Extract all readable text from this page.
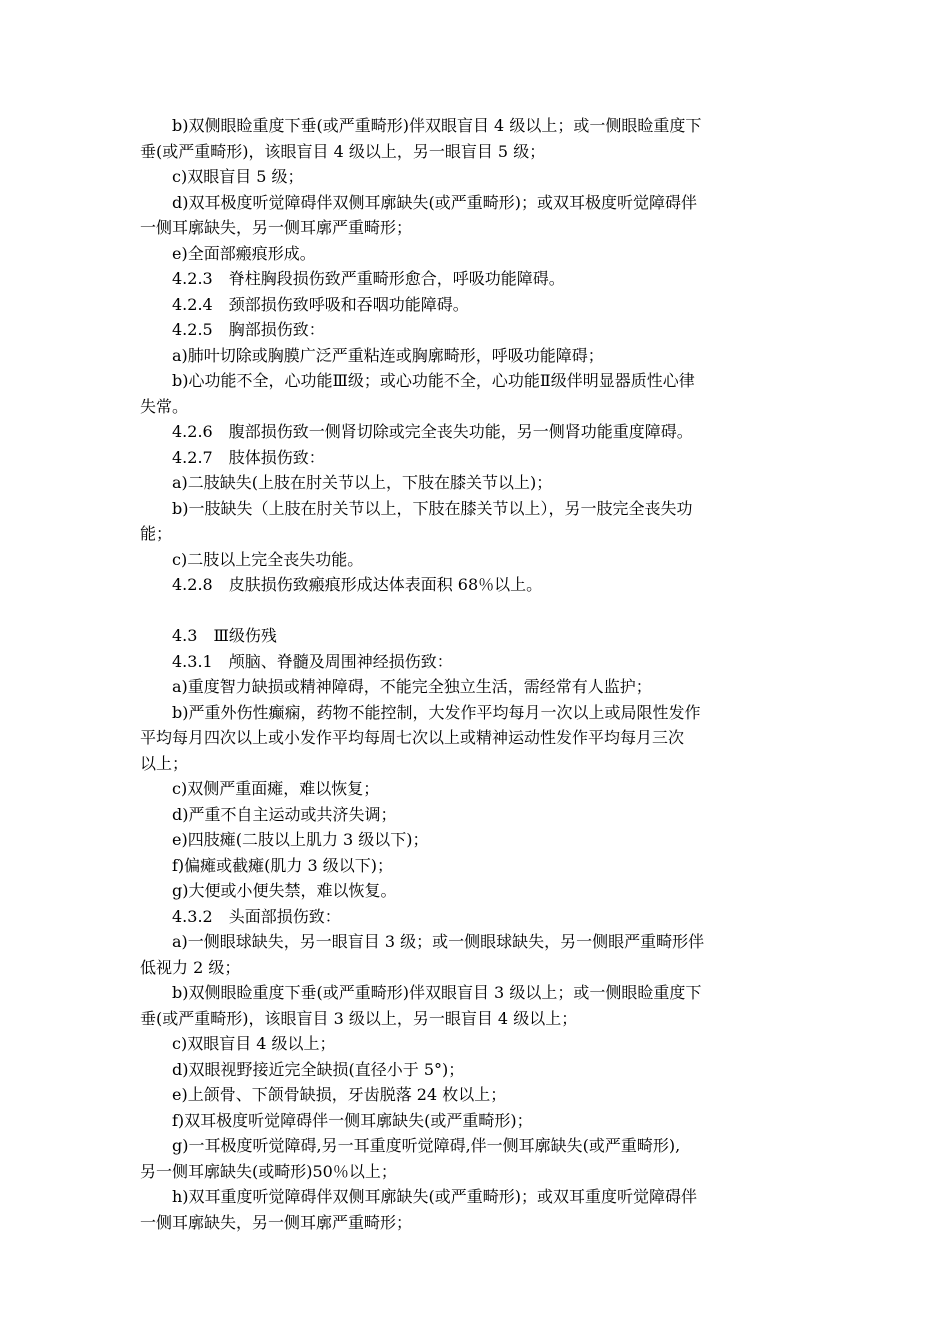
b)双侧眼睑重度下垂(或严重畸形)伴双眼盲目 4 级以上；或一侧眼睑重度下
垂(或严重畸形)，该眼盲目 4 级以上，另一眼盲目 5 级；
c)双眼盲目 5 级；
d)双耳极度听觉障碍伴双侧耳廓缺失(或严重畸形)；或双耳极度听觉障碍伴
一侧耳廓缺失，另一侧耳廓严重畸形；
e)全面部瘢痕形成。
4.2.3　脊柱胸段损伤致严重畸形愈合，呼吸功能障碍。
4.2.4　颈部损伤致呼吸和吞咽功能障碍。
4.2.5　胸部损伤致：
a)肺叶切除或胸膜广泛严重粘连或胸廓畸形，呼吸功能障碍；
b)心功能不全，心功能Ⅲ级；或心功能不全，心功能Ⅱ级伴明显器质性心律
失常。
4.2.6　腹部损伤致一侧肾切除或完全丧失功能，另一侧肾功能重度障碍。
4.2.7　肢体损伤致：
a)二肢缺失(上肢在肘关节以上，下肢在膝关节以上)；
b)一肢缺失（上肢在肘关节以上，下肢在膝关节以上），另一肢完全丧失功
能；
c)二肢以上完全丧失功能。
4.2.8　皮肤损伤致瘢痕形成达体表面积 68％以上。
4.3　Ⅲ级伤残
4.3.1　颅脑、脊髓及周围神经损伤致：
a)重度智力缺损或精神障碍，不能完全独立生活，需经常有人监护；
b)严重外伤性癫痫，药物不能控制，大发作平均每月一次以上或局限性发作
平均每月四次以上或小发作平均每周七次以上或精神运动性发作平均每月三次
以上；
c)双侧严重面瘫，难以恢复；
d)严重不自主运动或共济失调；
e)四肢瘫(二肢以上肌力 3 级以下)；
f)偏瘫或截瘫(肌力 3 级以下)；
g)大便或小便失禁，难以恢复。
4.3.2　头面部损伤致：
a)一侧眼球缺失，另一眼盲目 3 级；或一侧眼球缺失，另一侧眼严重畸形伴
低视力 2 级；
b)双侧眼睑重度下垂(或严重畸形)伴双眼盲目 3 级以上；或一侧眼睑重度下
垂(或严重畸形)，该眼盲目 3 级以上，另一眼盲目 4 级以上；
c)双眼盲目 4 级以上；
d)双眼视野接近完全缺损(直径小于 5°)；
e)上颌骨、下颌骨缺损，牙齿脱落 24 枚以上；
f)双耳极度听觉障碍伴一侧耳廓缺失(或严重畸形)；
g)一耳极度听觉障碍,另一耳重度听觉障碍,伴一侧耳廓缺失(或严重畸形),
另一侧耳廓缺失(或畸形)50％以上；
h)双耳重度听觉障碍伴双侧耳廓缺失(或严重畸形)；或双耳重度听觉障碍伴
一侧耳廓缺失，另一侧耳廓严重畸形；
